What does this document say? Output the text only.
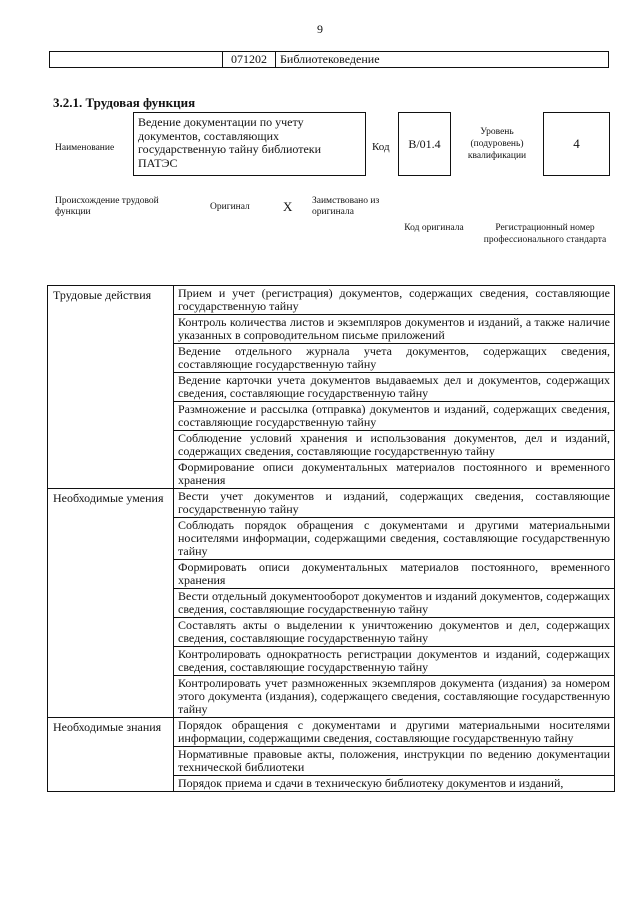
9
071202	Библиотековедение
3.2.1. Трудовая функция
Наименование
Ведение документации по учету документов, составляющих государственную тайну библиотеки ПАТЭС
Код	В/01.4
Уровень (подуровень) квалификации
4
Происхождение трудовой функции	Оригинал	Х Заимствовано из оригинала
Код оригинала	Регистрационный номер профессионального стандарта
Трудовые действия	Прием и учет (регистрация) документов, содержащих сведения, составляющие государственную тайну
	Контроль количества листов и экземпляров документов и изданий, а также наличие указанных в сопроводительном письме приложений
	Ведение отдельного журнала учета документов, содержащих сведения, составляющие государственную тайну
	Ведение карточки учета документов выдаваемых дел и документов, содержащих сведения, составляющие государственную тайну
	Размножение и рассылка (отправка) документов и изданий, содержащих сведения, составляющие государственную тайну
	Соблюдение условий хранения и использования документов, дел и изданий, содержащих сведения, составляющие государственную тайну
	Формирование описи документальных материалов постоянного и временного хранения
Необходимые умения	Вести учет документов и изданий, содержащих сведения, составляющие государственную тайну
	Соблюдать порядок обращения с документами и другими материальными носителями информации, содержащими сведения, составляющие государственную тайну
	Формировать описи документальных материалов постоянного, временного хранения
	Вести отдельный документооборот документов и изданий документов, содержащих сведения, составляющие государственную тайну
	Составлять акты о выделении к уничтожению документов и дел, содержащих сведения, составляющие государственную тайну
	Контролировать однократность регистрации документов и изданий, содержащих сведения, составляющие государственную тайну
	Контролировать учет размноженных экземпляров документа (издания) за номером этого документа (издания), содержащего сведения, составляющие государственную тайну
Необходимые знания	Порядок обращения с документами и другими материальными носителями информации, содержащими сведения, составляющие государственную тайну
	Нормативные правовые акты, положения, инструкции по ведению документации технической библиотеки
	Порядок приема и сдачи в техническую библиотеку документов и изданий,
